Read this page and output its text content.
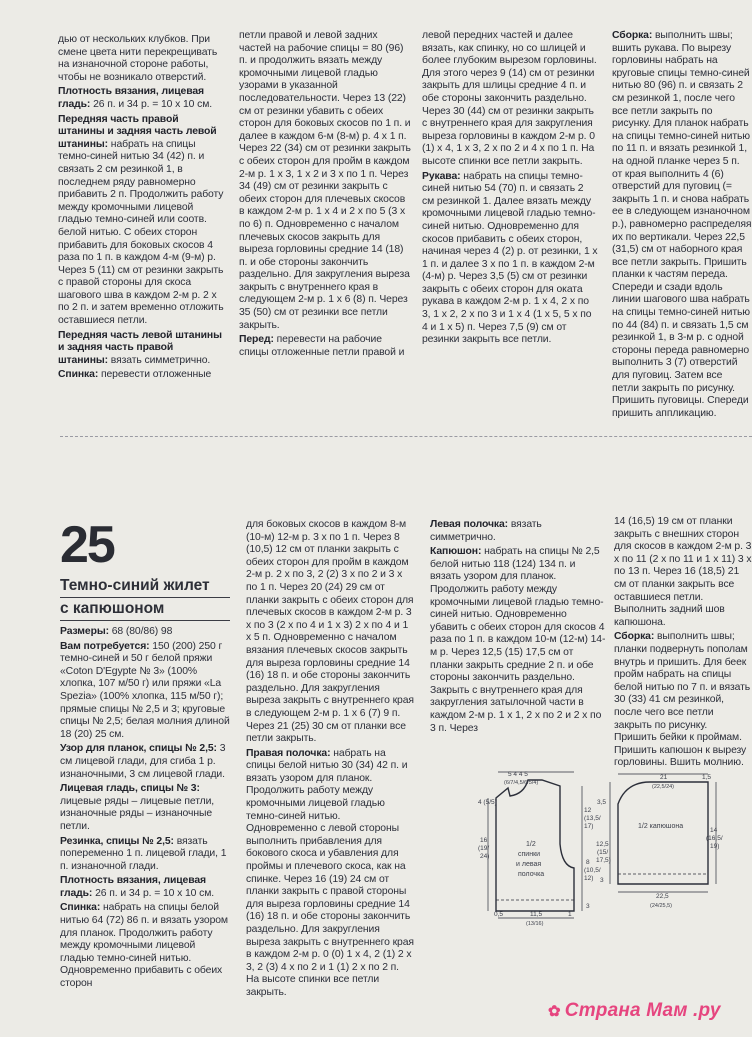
дью от нескольких клубков. При смене цвета нити перекрещивать на изнаночной стороне работы, чтобы не возникало отверстий.

Плотность вязания, лицевая гладь: 26 п. и 34 р. = 10 х 10 см.

Передняя часть правой штанины и задняя часть левой штанины: набрать на спицы темно-синей нитью 34 (42) п. и связать 2 см резинкой 1, в последнем ряду равномерно прибавить 2 п. Продолжить работу между кромочными лицевой гладью темно-синей или соотв. белой нитью. С обеих сторон прибавить для боковых скосов 4 раза по 1 п. в каждом 4-м (9-м) р. Через 5 (11) см от резинки закрыть с правой стороны для скоса шагового шва в каждом 2-м р. 2 х по 2 п. и затем временно отложить оставшиеся петли.

Передняя часть левой штанины и задняя часть правой штанины: вязать симметрично.

Спинка: перевести отложенные

петли правой и левой задних частей на рабочие спицы = 80 (96) п. и продолжить вязать между кромочными лицевой гладью узорами в указанной последовательности. Через 13 (22) см от резинки убавить с обеих сторон для боковых скосов по 1 п. и далее в каждом 6-м (8-м) р. 4 х 1 п. Через 22 (34) см от резинки закрыть с обеих сторон для пройм в каждом 2-м р. 1 х 3, 1 х 2 и 3 х по 1 п. Через 34 (49) см от резинки закрыть с обеих сторон для плечевых скосов в каждом 2-м р. 1 х 4 и 2 х по 5 (3 х по 6) п. Одновременно с началом плечевых скосов закрыть для выреза горловины средние 14 (18) п. и обе стороны закончить раздельно. Для закругления выреза закрыть с внутреннего края в следующем 2-м р. 1 х 6 (8) п. Через 35 (50) см от резинки все петли закрыть.

Перед: перевести на рабочие спицы отложенные петли правой и

левой передних частей и далее вязать, как спинку, но со шлицей и более глубоким вырезом горловины. Для этого через 9 (14) см от резинки закрыть для шлицы средние 4 п. и обе стороны закончить раздельно. Через 30 (44) см от резинки закрыть с внутреннего края для закругления выреза горловины в каждом 2-м р. 0 (1) х 4, 1 х 3, 2 х по 2 и 4 х по 1 п. На высоте спинки все петли закрыть.

Рукава: набрать на спицы темно-синей нитью 54 (70) п. и связать 2 см резинкой 1. Далее вязать между кромочными лицевой гладью темно-синей нитью. Одновременно для скосов прибавить с обеих сторон, начиная через 4 (2) р. от резинки, 1 х 1 п. и далее 3 х по 1 п. в каждом 2-м (4-м) р. Через 3,5 (5) см от резинки закрыть с обеих сторон для оката рукава в каждом 2-м р. 1 х 4, 2 х по 3, 1 х 2, 2 х по 3 и 1 х 4 (1 х 5, 5 х по 4 и 1 х 5) п. Через 7,5 (9) см от резинки закрыть все петли.

Сборка: выполнить швы; вшить рукава. По вырезу горловины набрать на круговые спицы темно-синей нитью 80 (96) п. и связать 2 см резинкой 1, после чего все петли закрыть по рисунку. Для планок набрать на спицы темно-синей нитью по 11 п. и вязать резинкой 1, на одной планке через 5 п. от края выполнить 4 (6) отверстий для пуговиц (= закрыть 1 п. и снова набрать ее в следующем изнаночном р.), равномерно распределяя их по вертикали. Через 22,5 (31,5) см от наборного края все петли закрыть. Пришить планки к частям переда. Спереди и сзади вдоль линии шагового шва набрать на спицы темно-синей нитью по 44 (84) п. и связать 1,5 см резинкой 1, в 3-м р. с одной стороны переда равномерно выполнить 3 (7) отверстий для пуговиц. Затем все петли закрыть по рисунку. Пришить пуговицы. Спереди пришить аппликацию.

25
Темно-синий жилет
с капюшоном

Размеры: 68 (80/86) 98

Вам потребуется: 150 (200) 250 г темно-синей и 50 г белой пряжи «Coton D'Egypte № 3» (100% хлопка, 107 м/50 г) или пряжи «La Spezia» (100% хлопка, 115 м/50 г); прямые спицы № 2,5 и 3; круговые спицы № 2,5; белая молния длиной 18 (20) 25 см.

Узор для планок, спицы № 2,5: 3 см лицевой глади, для сгиба 1 р. изнаночными, 3 см лицевой глади.

Лицевая гладь, спицы № 3: лицевые ряды – лицевые петли, изнаночные ряды – изнаночные петли.

Резинка, спицы № 2,5: вязать попеременно 1 п. лицевой глади, 1 п. изнаночной глади.

Плотность вязания, лицевая гладь: 26 п. и 34 р. = 10 х 10 см.

Спинка: набрать на спицы белой нитью 64 (72) 86 п. и вязать узором для планок. Продолжить работу между кромочными лицевой гладью темно-синей нитью. Одновременно прибавить с обеих сторон

для боковых скосов в каждом 8-м (10-м) 12-м р. 3 х по 1 п. Через 8 (10,5) 12 см от планки закрыть с обеих сторон для пройм в каждом 2-м р. 2 х по 3, 2 (2) 3 х по 2 и 3 х по 1 п. Через 20 (24) 29 см от планки закрыть с обеих сторон для плечевых скосов в каждом 2-м р. 3 х по 3 (2 х по 4 и 1 х 3) 2 х по 4 и 1 х 5 п. Одновременно с началом вязания плечевых скосов закрыть для выреза горловины средние 14 (16) 18 п. и обе стороны закончить раздельно. Для закругления выреза закрыть с внутреннего края в следующем 2-м р. 1 х 6 (7) 9 п. Через 21 (25) 30 см от планки все петли закрыть.

Правая полочка: набрать на спицы белой нитью 30 (34) 42 п. и вязать узором для планок. Продолжить работу между кромочными лицевой гладью темно-синей нитью. Одновременно с левой стороны выполнить прибавления для бокового скоса и убавления для проймы и плечевого скоса, как на спинке. Через 16 (19) 24 см от планки закрыть с правой стороны для выреза горловины средние 14 (16) 18 п. и обе стороны закончить раздельно. Для закругления выреза закрыть с внутреннего края в каждом 2-м р. 0 (0) 1 х 4, 2 (1) 2 х 3, 2 (3) 4 х по 2 и 1 (1) 2 х по 2 п. На высоте спинки все петли закрыть.

Левая полочка: вязать симметрично.

Капюшон: набрать на спицы № 2,5 белой нитью 118 (124) 134 п. и вязать узором для планок. Продолжить работу между кромочными лицевой гладью темно-синей нитью. Одновременно убавить с обеих сторон для скосов 4 раза по 1 п. в каждом 10-м (12-м) 14-м р. Через 12,5 (15) 17,5 см от планки закрыть средние 2 п. и обе стороны закончить раздельно. Закрыть с внутреннего края для закругления затылочной части в каждом 2-м р. 1 х 1, 2 х по 2 и 2 х по 3 п. Через

14 (16,5) 19 см от планки закрыть с внешних сторон для скосов в каждом 2-м р. 3 х по 11 (2 х по 11 и 1 х 11) 3 х по 13 п. Через 16 (18,5) 21 см от планки закрыть все оставшиеся петли. Выполнить задний шов капюшона.

Сборка: выполнить швы; планки подвернуть пополам внутрь и пришить. Для беек пройм набрать на спицы белой нитью по 7 п. и вязать 30 (33) 41 см резинкой, после чего все петли закрыть по рисунку. Пришить бейки к проймам. Пришить капюшон к вырезу горловины. Вшить молнию.

5 4 4 5
(6/7/4,5/6/5/4)
4 (5/5)
16
(19/
24)
1/2
спинки
и левая
полочка
12
(13,5/
17)
8
(10,5/
12)
3
0,5	11,5
(13/16)
1
21
(22,5/24)
1,5
3,5
12,5
(15/
17,5)
3
1/2 капюшона
14
(16,5/
19)
22,5
(24/25,5)
✿ Страна Мам .ру
